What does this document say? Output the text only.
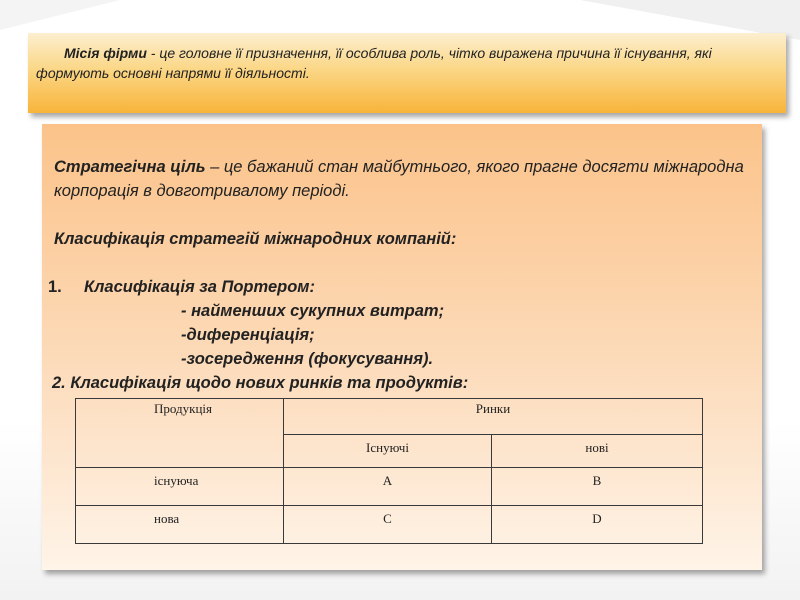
Місія фірми - це головне її призначення, її особлива роль, чітко виражена причина її існування, які формують основні напрями її діяльності.

Стратегічна ціль – це бажаний стан майбутнього, якого прагне досягти міжнародна корпорація в довготривалому періоді.

Класифікація стратегій міжнародних компаній:

1. Класифікація за Портером:

- найменших сукупних витрат;

-диференціація;

-зосередження (фокусування).

2. Класифікація щодо нових ринків та продуктів:

Продукція	Ринки	
	Існуючі	нові
існуюча	А	В
нова	С	D
